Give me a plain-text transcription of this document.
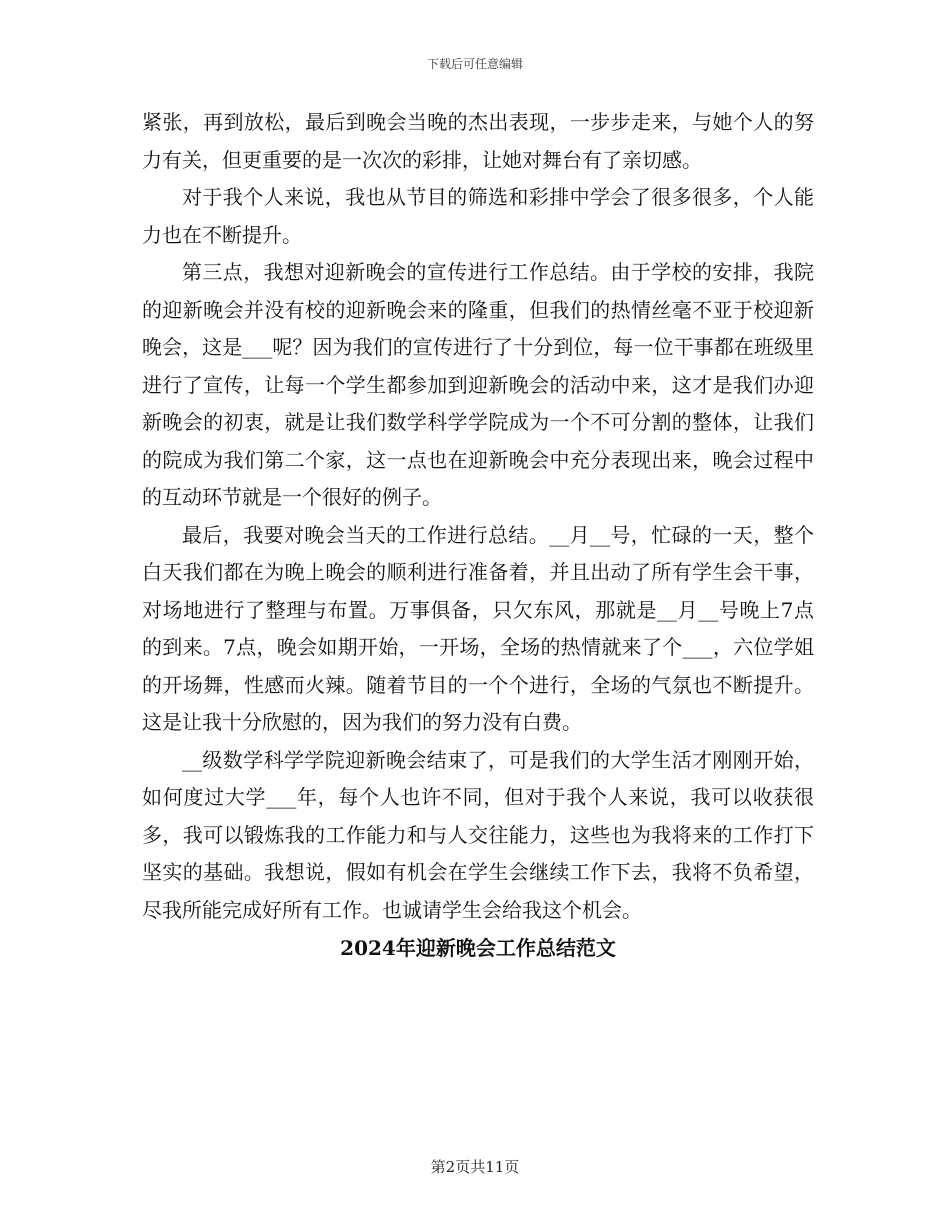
下载后可任意编辑

紧张，再到放松，最后到晚会当晚的杰出表现，一步步走来，与她个人的努力有关，但更重要的是一次次的彩排，让她对舞台有了亲切感。

对于我个人来说，我也从节目的筛选和彩排中学会了很多很多，个人能力也在不断提升。

第三点，我想对迎新晚会的宣传进行工作总结。由于学校的安排，我院的迎新晚会并没有校的迎新晚会来的隆重，但我们的热情丝毫不亚于校迎新晚会，这是___呢？因为我们的宣传进行了十分到位，每一位干事都在班级里进行了宣传，让每一个学生都参加到迎新晚会的活动中来，这才是我们办迎新晚会的初衷，就是让我们数学科学学院成为一个不可分割的整体，让我们的院成为我们第二个家，这一点也在迎新晚会中充分表现出来，晚会过程中的互动环节就是一个很好的例子。

最后，我要对晚会当天的工作进行总结。__月__号，忙碌的一天，整个白天我们都在为晚上晚会的顺利进行准备着，并且出动了所有学生会干事，对场地进行了整理与布置。万事俱备，只欠东风，那就是__月__号晚上7点的到来。7点，晚会如期开始，一开场，全场的热情就来了个___，六位学姐的开场舞，性感而火辣。随着节目的一个个进行，全场的气氛也不断提升。这是让我十分欣慰的，因为我们的努力没有白费。

__级数学科学学院迎新晚会结束了，可是我们的大学生活才刚刚开始，如何度过大学___年，每个人也许不同，但对于我个人来说，我可以收获很多，我可以锻炼我的工作能力和与人交往能力，这些也为我将来的工作打下坚实的基础。我想说，假如有机会在学生会继续工作下去，我将不负希望，尽我所能完成好所有工作。也诚请学生会给我这个机会。

2024年迎新晚会工作总结范文
第2页共11页
